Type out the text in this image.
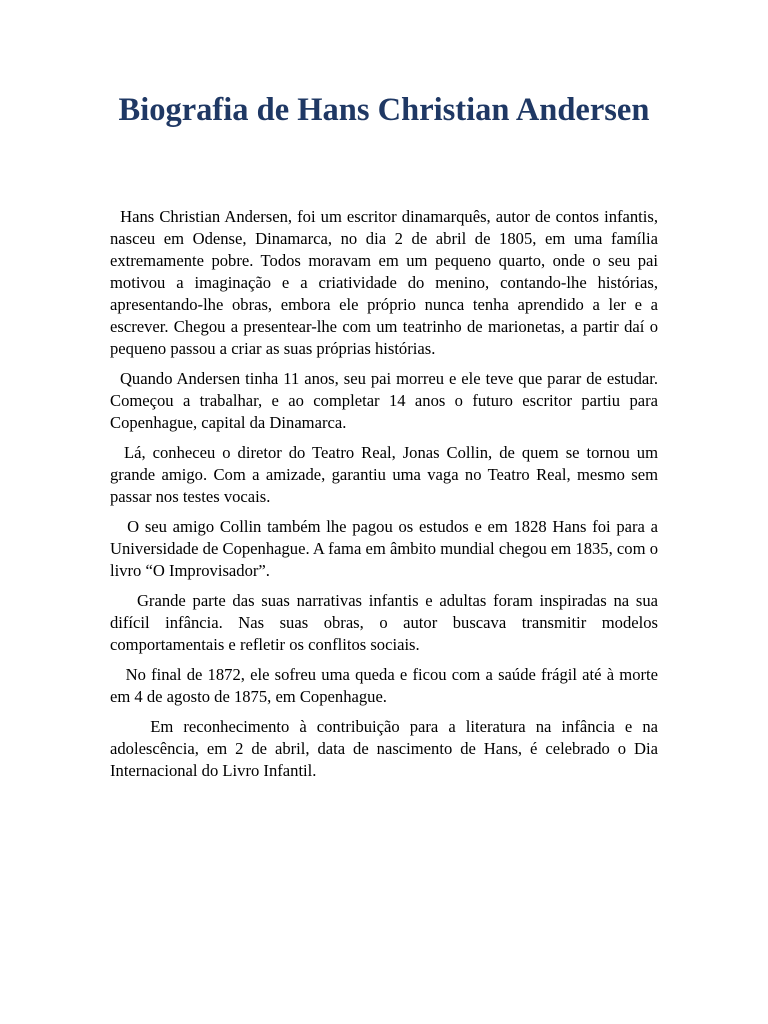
Biografia de Hans Christian Andersen

Hans Christian Andersen, foi um escritor dinamarquês, autor de contos infantis, nasceu em Odense, Dinamarca, no dia 2 de abril de 1805, em uma família extremamente pobre. Todos moravam em um pequeno quarto, onde o seu pai motivou a imaginação e a criatividade do menino, contando-lhe histórias, apresentando-lhe obras, embora ele próprio nunca tenha aprendido a ler e a escrever. Chegou a presentear-lhe com um teatrinho de marionetas, a partir daí o pequeno passou a criar as suas próprias histórias.

Quando Andersen tinha 11 anos, seu pai morreu e ele teve que parar de estudar. Começou a trabalhar, e ao completar 14 anos o futuro escritor partiu para Copenhague, capital da Dinamarca.

Lá, conheceu o diretor do Teatro Real, Jonas Collin, de quem se tornou um grande amigo. Com a amizade, garantiu uma vaga no Teatro Real, mesmo sem passar nos testes vocais.

O seu amigo Collin também lhe pagou os estudos e em 1828 Hans foi para a Universidade de Copenhague. A fama em âmbito mundial chegou em 1835, com o livro “O Improvisador”.

Grande parte das suas narrativas infantis e adultas foram inspiradas na sua difícil infância. Nas suas obras, o autor buscava transmitir modelos comportamentais e refletir os conflitos sociais.

No final de 1872, ele sofreu uma queda e ficou com a saúde frágil até à morte em 4 de agosto de 1875, em Copenhague.

Em reconhecimento à contribuição para a literatura na infância e na adolescência, em 2 de abril, data de nascimento de Hans, é celebrado o Dia Internacional do Livro Infantil.
